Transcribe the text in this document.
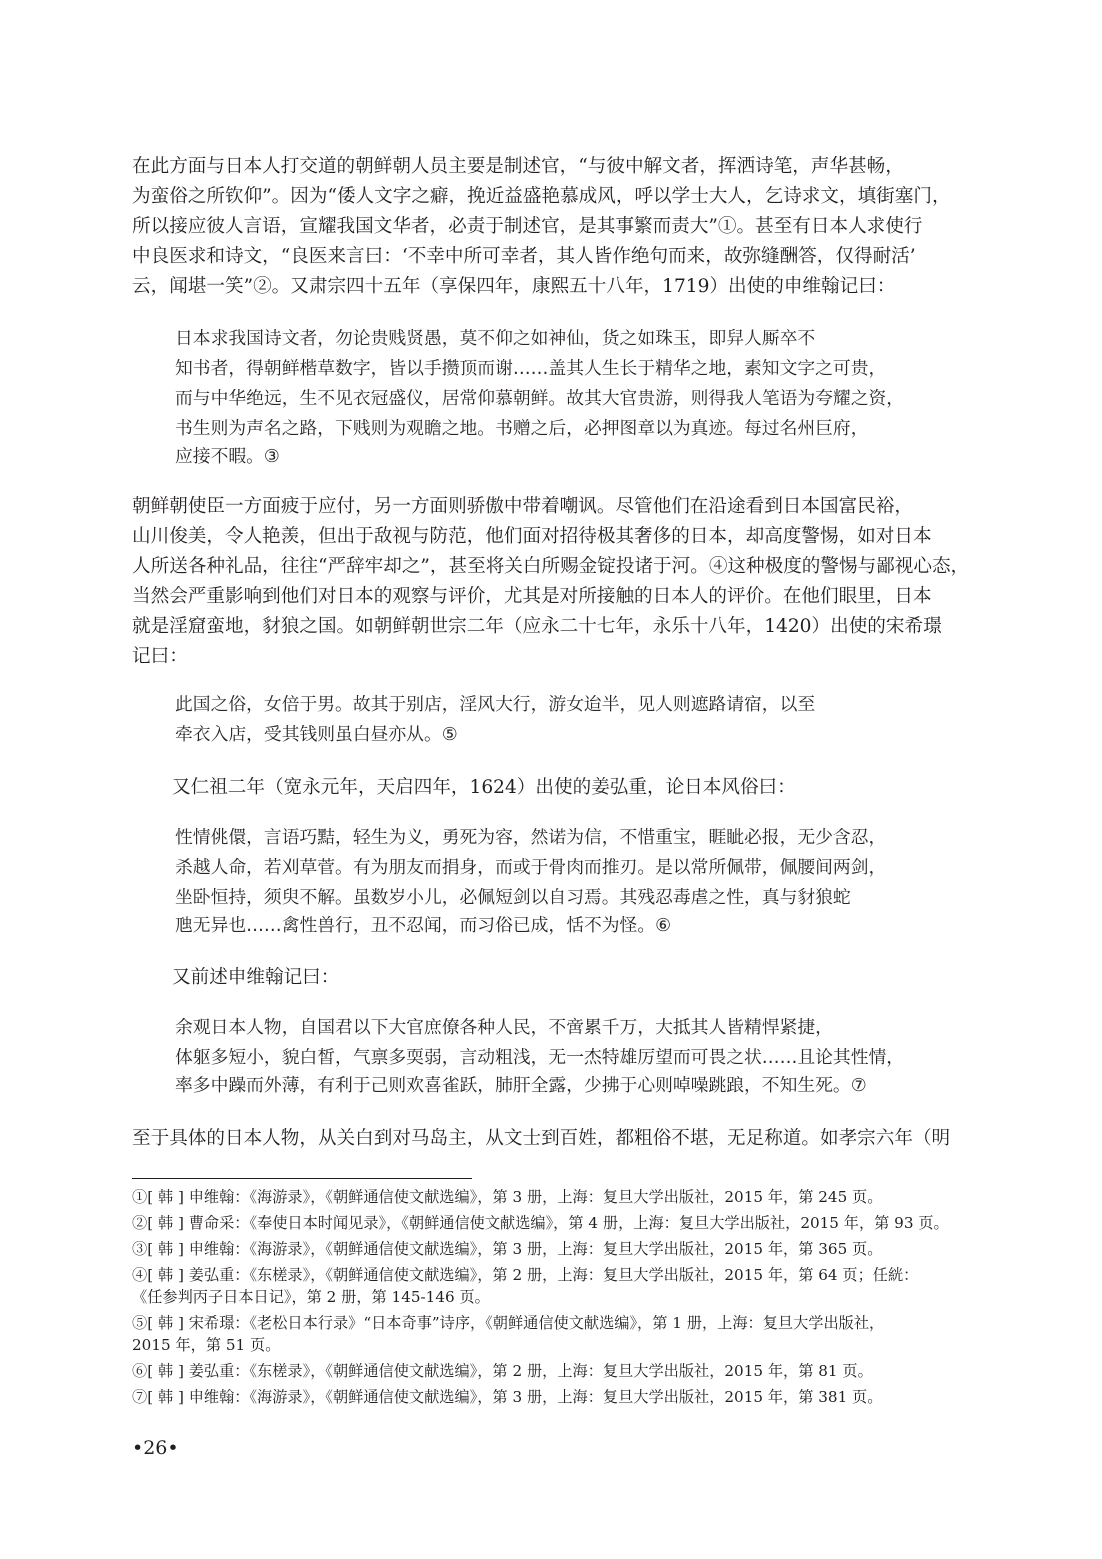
在此方面与日本人打交道的朝鲜朝人员主要是制述官，“与彼中解文者，挥洒诗笔，声华甚畅，
为蛮俗之所钦仰”。因为“倭人文字之癖，挽近益盛艳慕成风，呼以学士大人，乞诗求文，填街塞门，
所以接应彼人言语，宣耀我国文华者，必责于制述官，是其事繁而责大”①。甚至有日本人求使行
中良医求和诗文，“良医来言曰：‘不幸中所可幸者，其人皆作绝句而来，故弥缝酬答，仅得耐活’
云，闻堪一笑”②。又肃宗四十五年（享保四年，康熙五十八年，1719）出使的申维翰记曰：
日本求我国诗文者，勿论贵贱贤愚，莫不仰之如神仙，货之如珠玉，即舁人厮卒不
知书者，得朝鲜楷草数字，皆以手攒顶而谢……盖其人生长于精华之地，素知文字之可贵，
而与中华绝远，生不见衣冠盛仪，居常仰慕朝鲜。故其大官贵游，则得我人笔语为夸耀之资，
书生则为声名之路，下贱则为观瞻之地。书赠之后，必押图章以为真迹。每过名州巨府，
应接不暇。③
朝鲜朝使臣一方面疲于应付，另一方面则骄傲中带着嘲讽。尽管他们在沿途看到日本国富民裕，
山川俊美，令人艳羡，但出于敌视与防范，他们面对招待极其奢侈的日本，却高度警惕，如对日本
人所送各种礼品，往往“严辞牢却之”，甚至将关白所赐金锭投诸于河。④这种极度的警惕与鄙视心态，
当然会严重影响到他们对日本的观察与评价，尤其是对所接触的日本人的评价。在他们眼里，日本
就是淫窟蛮地，豺狼之国。如朝鲜朝世宗二年（应永二十七年，永乐十八年，1420）出使的宋希璟
记曰：
此国之俗，女倍于男。故其于别店，淫风大行，游女迨半，见人则遮路请宿，以至
牵衣入店，受其钱则虽白昼亦从。⑤
又仁祖二年（宽永元年，天启四年，1624）出使的姜弘重，论日本风俗曰：
性情佻儇，言语巧黠，轻生为义，勇死为容，然诺为信，不惜重宝，睚眦必报，无少含忍，
杀越人命，若刈草菅。有为朋友而捐身，而或于骨肉而推刃。是以常所佩带，佩腰间两剑，
坐卧恒持，须臾不解。虽数岁小儿，必佩短剑以自习焉。其残忍毒虐之性，真与豺狼蛇
虺无异也……禽性兽行，丑不忍闻，而习俗已成，恬不为怪。⑥
又前述申维翰记曰：
余观日本人物，自国君以下大官庶僚各种人民，不啻累千万，大抵其人皆精悍紧捷，
体躯多短小，貌白皙，气禀多耎弱，言动粗浅，无一杰特雄厉望而可畏之状……且论其性情，
率多中躁而外薄，有利于己则欢喜雀跃，肺肝全露，少拂于心则啅噪跳踉，不知生死。⑦
至于具体的日本人物，从关白到对马岛主，从文士到百姓，都粗俗不堪，无足称道。如孝宗六年（明
①[ 韩 ] 申维翰：《海游录》，《朝鲜通信使文献选编》，第 3 册，上海：复旦大学出版社，2015 年，第 245 页。
②[ 韩 ] 曹命采：《奉使日本时闻见录》，《朝鲜通信使文献选编》，第 4 册，上海：复旦大学出版社，2015 年，第 93 页。
③[ 韩 ] 申维翰：《海游录》，《朝鲜通信使文献选编》，第 3 册，上海：复旦大学出版社，2015 年，第 365 页。
④[ 韩 ] 姜弘重：《东槎录》，《朝鲜通信使文献选编》，第 2 册，上海：复旦大学出版社，2015 年，第 64 页；任絖：
《任参判丙子日本日记》，第 2 册，第 145-146 页。
⑤[ 韩 ] 宋希璟：《老松日本行录》“日本奇事”诗序，《朝鲜通信使文献选编》，第 1 册，上海：复旦大学出版社，
2015 年，第 51 页。
⑥[ 韩 ] 姜弘重：《东槎录》，《朝鲜通信使文献选编》，第 2 册，上海：复旦大学出版社，2015 年，第 81 页。
⑦[ 韩 ] 申维翰：《海游录》，《朝鲜通信使文献选编》，第 3 册，上海：复旦大学出版社，2015 年，第 381 页。
•26•
